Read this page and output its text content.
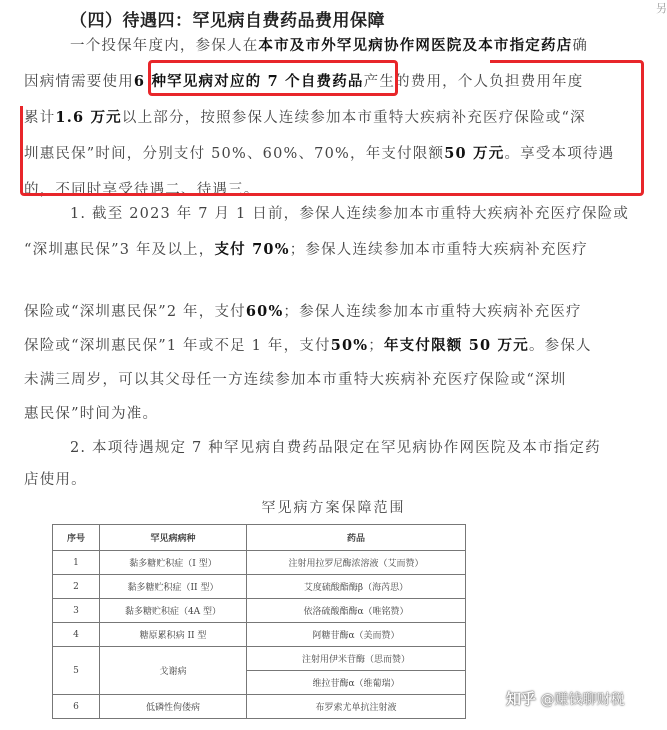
另
（四）待遇四：罕见病自费药品费用保障
一个投保年度内，参保人在本市及市外罕见病协作网医院及本市指定药店确
因病情需要使用6 种罕见病对应的 7 个自费药品产生的费用，个人负担费用年度
累计1.6 万元以上部分，按照参保人连续参加本市重特大疾病补充医疗保险或“深
圳惠民保”时间，分别支付 50%、60%、70%，年支付限额50 万元。享受本项待遇
的，不同时享受待遇二、待遇三。
1. 截至 2023 年 7 月 1 日前，参保人连续参加本市重特大疾病补充医疗保险或
“深圳惠民保”3 年及以上，支付 70%；参保人连续参加本市重特大疾病补充医疗
保险或“深圳惠民保”2 年，支付60%；参保人连续参加本市重特大疾病补充医疗
保险或“深圳惠民保”1 年或不足 1 年，支付50%；年支付限额 50 万元。参保人
未满三周岁，可以其父母任一方连续参加本市重特大疾病补充医疗保险或“深圳
惠民保”时间为准。
2. 本项待遇规定 7 种罕见病自费药品限定在罕见病协作网医院及本市指定药
店使用。
罕见病方案保障范围
序号	罕见病病种	药品
1	黏多糖贮积症（I 型）	注射用拉罗尼酶浓溶液（艾而赞）
2	黏多糖贮积症（II 型）	艾度硫酸酯酶β（海芮思）
3	黏多糖贮积症（4A 型）	依洛硫酸酯酶α（唯铭赞）
4	糖原累积病 II 型	阿糖苷酶α（美而赞）
5	戈谢病	注射用伊米苷酶（思而赞）
		维拉苷酶α（维葡瑞）
6	低磷性佝偻病	布罗索尤单抗注射液	知乎 @赚钱聊财税
